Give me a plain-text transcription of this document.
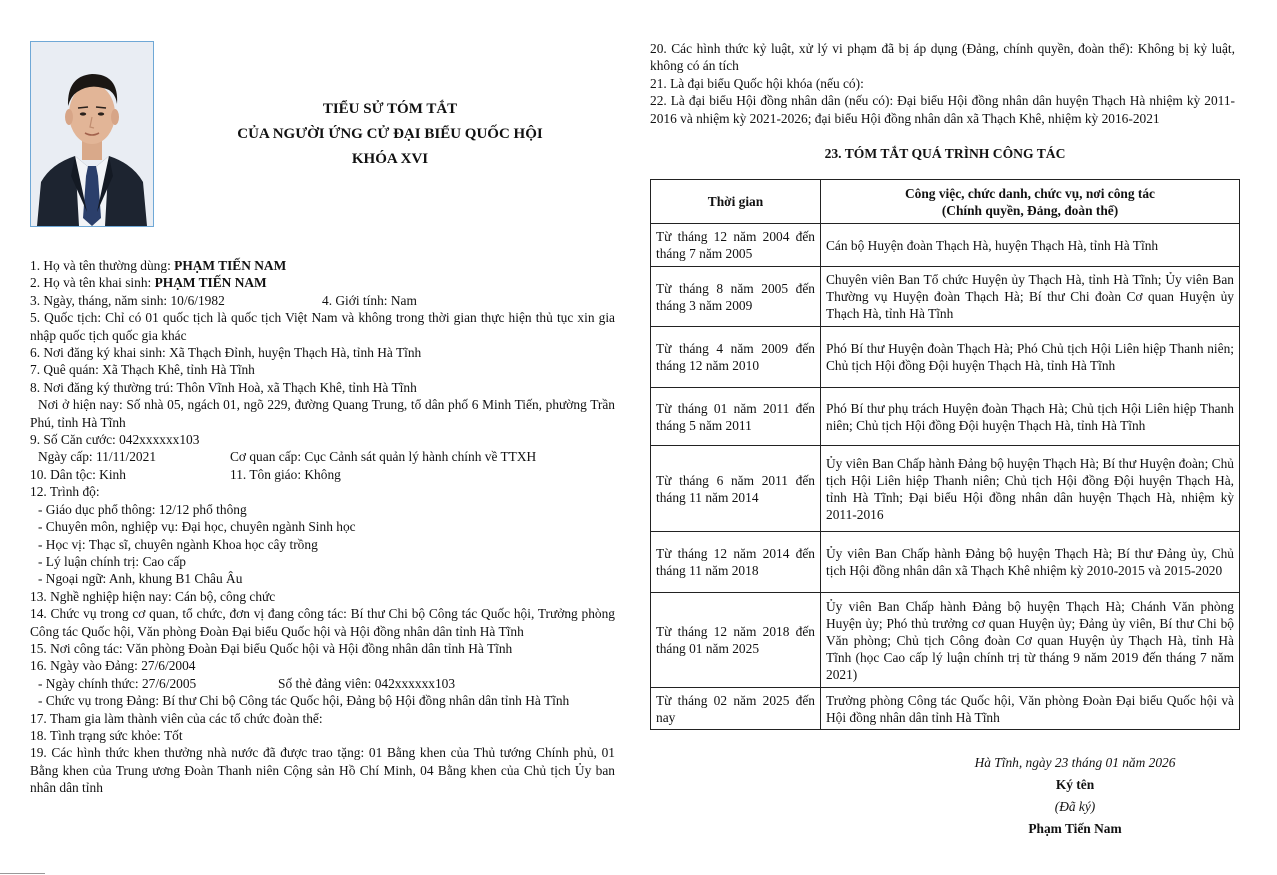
TIỂU SỬ TÓM TẮT
CỦA NGƯỜI ỨNG CỬ ĐẠI BIỂU QUỐC HỘI
KHÓA XVI
1. Họ và tên thường dùng: PHẠM TIẾN NAM
2. Họ và tên khai sinh: PHẠM TIẾN NAM
3. Ngày, tháng, năm sinh: 10/6/1982	4. Giới tính: Nam
5. Quốc tịch: Chỉ có 01 quốc tịch là quốc tịch Việt Nam và không trong thời gian thực hiện thủ tục xin gia nhập quốc tịch quốc gia khác
6. Nơi đăng ký khai sinh: Xã Thạch Đỉnh, huyện Thạch Hà, tỉnh Hà Tĩnh
7. Quê quán: Xã Thạch Khê, tỉnh Hà Tĩnh
8. Nơi đăng ký thường trú: Thôn Vĩnh Hoà, xã Thạch Khê, tỉnh Hà Tĩnh
Nơi ở hiện nay: Số nhà 05, ngách 01, ngõ 229, đường Quang Trung, tổ dân phố 6 Minh Tiến, phường Trần Phú, tỉnh Hà Tĩnh
9. Số Căn cước: 042xxxxxx103
Ngày cấp: 11/11/2021	Cơ quan cấp: Cục Cảnh sát quản lý hành chính về TTXH
10. Dân tộc: Kinh	11. Tôn giáo: Không
12. Trình độ:
- Giáo dục phổ thông: 12/12 phổ thông
- Chuyên môn, nghiệp vụ: Đại học, chuyên ngành Sinh học
- Học vị: Thạc sĩ, chuyên ngành Khoa học cây trồng
- Lý luận chính trị: Cao cấp
- Ngoại ngữ: Anh, khung B1 Châu Âu
13. Nghề nghiệp hiện nay: Cán bộ, công chức
14. Chức vụ trong cơ quan, tổ chức, đơn vị đang công tác: Bí thư Chi bộ Công tác Quốc hội, Trưởng phòng Công tác Quốc hội, Văn phòng Đoàn Đại biểu Quốc hội và Hội đồng nhân dân tỉnh Hà Tĩnh
15. Nơi công tác: Văn phòng Đoàn Đại biểu Quốc hội và Hội đồng nhân dân tỉnh Hà Tĩnh
16. Ngày vào Đảng: 27/6/2004
- Ngày chính thức: 27/6/2005	Số thẻ đảng viên: 042xxxxxx103
- Chức vụ trong Đảng: Bí thư Chi bộ Công tác Quốc hội, Đảng bộ Hội đồng nhân dân tỉnh Hà Tĩnh
17. Tham gia làm thành viên của các tổ chức đoàn thể:
18. Tình trạng sức khỏe: Tốt
19. Các hình thức khen thưởng nhà nước đã được trao tặng: 01 Bằng khen của Thủ tướng Chính phủ, 01 Bằng khen của Trung ương Đoàn Thanh niên Cộng sản Hồ Chí Minh, 04 Bằng khen của Chủ tịch Ủy ban nhân dân tỉnh
20. Các hình thức kỷ luật, xử lý vi phạm đã bị áp dụng (Đảng, chính quyền, đoàn thể): Không bị kỷ luật, không có án tích
21. Là đại biểu Quốc hội khóa (nếu có):
22. Là đại biểu Hội đồng nhân dân (nếu có): Đại biểu Hội đồng nhân dân huyện Thạch Hà nhiệm kỳ 2011-2016 và nhiệm kỳ 2021-2026; đại biểu Hội đồng nhân dân xã Thạch Khê, nhiệm kỳ 2016-2021
23. TÓM TẮT QUÁ TRÌNH CÔNG TÁC
Thời gian	Công việc, chức danh, chức vụ, nơi công tác
(Chính quyền, Đảng, đoàn thể)

Từ tháng 12 năm 2004 đến tháng 7 năm 2005	Cán bộ Huyện đoàn Thạch Hà, huyện Thạch Hà, tỉnh Hà Tĩnh
Từ tháng 8 năm 2005 đến tháng 3 năm 2009	Chuyên viên Ban Tổ chức Huyện ủy Thạch Hà, tỉnh Hà Tĩnh; Ủy viên Ban Thường vụ Huyện đoàn Thạch Hà; Bí thư Chi đoàn Cơ quan Huyện ủy Thạch Hà, tỉnh Hà Tĩnh
Từ tháng 4 năm 2009 đến tháng 12 năm 2010	Phó Bí thư Huyện đoàn Thạch Hà; Phó Chủ tịch Hội Liên hiệp Thanh niên; Chủ tịch Hội đồng Đội huyện Thạch Hà, tỉnh Hà Tĩnh
Từ tháng 01 năm 2011 đến tháng 5 năm 2011	Phó Bí thư phụ trách Huyện đoàn Thạch Hà; Chủ tịch Hội Liên hiệp Thanh niên; Chủ tịch Hội đồng Đội huyện Thạch Hà, tỉnh Hà Tĩnh
Từ tháng 6 năm 2011 đến tháng 11 năm 2014	Ủy viên Ban Chấp hành Đảng bộ huyện Thạch Hà; Bí thư Huyện đoàn; Chủ tịch Hội Liên hiệp Thanh niên; Chủ tịch Hội đồng Đội huyện Thạch Hà, tỉnh Hà Tĩnh; Đại biểu Hội đồng nhân dân huyện Thạch Hà, nhiệm kỳ 2011-2016
Từ tháng 12 năm 2014 đến tháng 11 năm 2018	Ủy viên Ban Chấp hành Đảng bộ huyện Thạch Hà; Bí thư Đảng ủy, Chủ tịch Hội đồng nhân dân xã Thạch Khê nhiệm kỳ 2010-2015 và 2015-2020
Từ tháng 12 năm 2018 đến tháng 01 năm 2025	Ủy viên Ban Chấp hành Đảng bộ huyện Thạch Hà; Chánh Văn phòng Huyện ủy; Phó thủ trưởng cơ quan Huyện ủy; Đảng ủy viên, Bí thư Chi bộ Văn phòng; Chủ tịch Công đoàn Cơ quan Huyện ủy Thạch Hà, tỉnh Hà Tĩnh (học Cao cấp lý luận chính trị từ tháng 9 năm 2019 đến tháng 7 năm 2021)
Từ tháng 02 năm 2025 đến nay	Trưởng phòng Công tác Quốc hội, Văn phòng Đoàn Đại biểu Quốc hội và Hội đồng nhân dân tỉnh Hà Tĩnh
Hà Tĩnh, ngày 23 tháng 01 năm 2026
Ký tên
(Đã ký)
Phạm Tiến Nam
